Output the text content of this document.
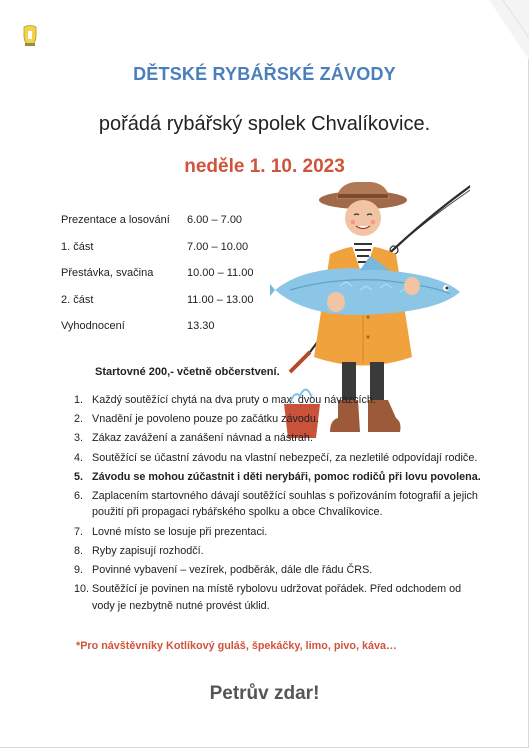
DĚTSKÉ RYBÁŘSKÉ ZÁVODY
pořádá rybářský spolek Chvalíkovice.
neděle 1. 10. 2023
Prezentace a losování 6.00 – 7.00
1. část	7.00 – 10.00
Přestávka, svačina	10.00 – 11.00
2. část	11.00 – 13.00
Vyhodnocení	13.30
Startovné 200,- včetně občerstvení.
1. Každý soutěžící chytá na dva pruty o max. dvou návazcích.
2. Vnadění je povoleno pouze po začátku závodu.
3. Zákaz zavážení a zanášení návnad a nástrah.
4. Soutěžící se účastní závodu na vlastní nebezpečí, za nezletilé odpovídají rodiče.
5. Závodu se mohou zúčastnit i děti nerybáři, pomoc rodičů při lovu povolena.
6. Zaplacením startovného dávají soutěžící souhlas s pořizováním fotografií a jejich použití při propagaci rybářského spolku a obce Chvalíkovice.
7. Lovné místo se losuje při prezentaci.
8. Ryby zapisují rozhodčí.
9. Povinné vybavení – vezírek, podběrák, dále dle řádu ČRS.
10. Soutěžící je povinen na místě rybolovu udržovat pořádek. Před odchodem od vody je nezbytně nutné provést úklid.
*Pro návštěvníky Kotlíkový guláš, špekáčky, limo, pivo, káva…
Petrův zdar!
